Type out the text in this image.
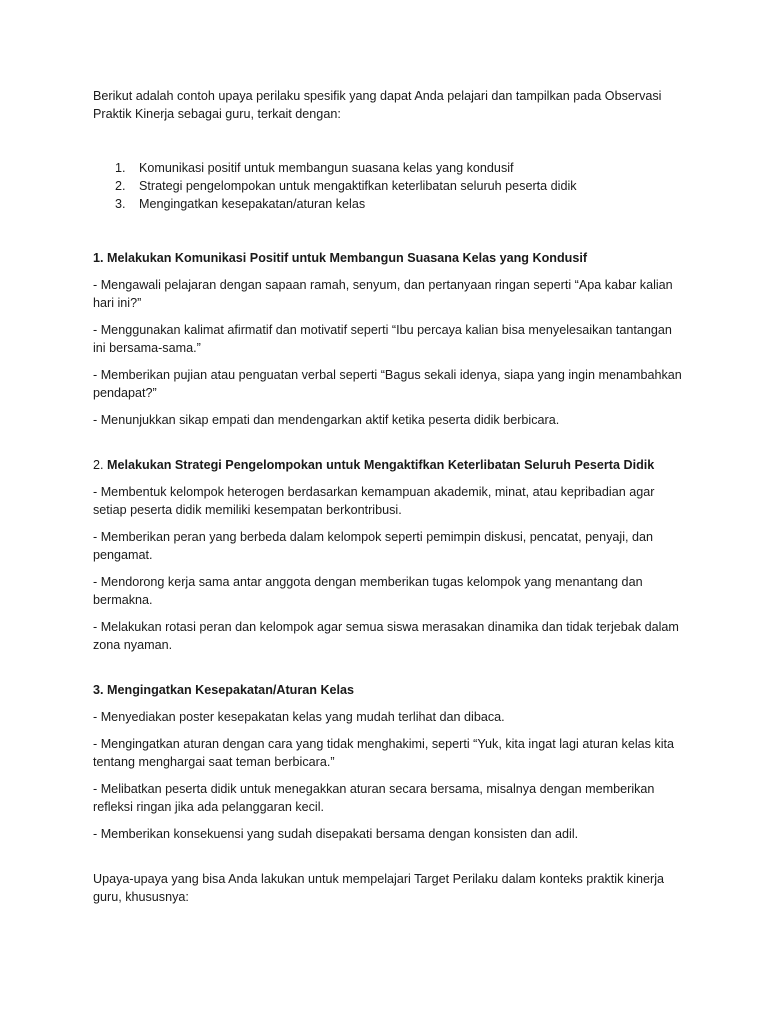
Berikut adalah contoh upaya perilaku spesifik yang dapat Anda pelajari dan tampilkan pada Observasi Praktik Kinerja sebagai guru, terkait dengan:

1. Komunikasi positif untuk membangun suasana kelas yang kondusif
2. Strategi pengelompokan untuk mengaktifkan keterlibatan seluruh peserta didik
3. Mengingatkan kesepakatan/aturan kelas

1. Melakukan Komunikasi Positif untuk Membangun Suasana Kelas yang Kondusif

- Mengawali pelajaran dengan sapaan ramah, senyum, dan pertanyaan ringan seperti “Apa kabar kalian hari ini?”

- Menggunakan kalimat afirmatif dan motivatif seperti “Ibu percaya kalian bisa menyelesaikan tantangan ini bersama-sama.”

- Memberikan pujian atau penguatan verbal seperti “Bagus sekali idenya, siapa yang ingin menambahkan pendapat?”

- Menunjukkan sikap empati dan mendengarkan aktif ketika peserta didik berbicara.

2. Melakukan Strategi Pengelompokan untuk Mengaktifkan Keterlibatan Seluruh Peserta Didik

- Membentuk kelompok heterogen berdasarkan kemampuan akademik, minat, atau kepribadian agar setiap peserta didik memiliki kesempatan berkontribusi.

- Memberikan peran yang berbeda dalam kelompok seperti pemimpin diskusi, pencatat, penyaji, dan pengamat.

- Mendorong kerja sama antar anggota dengan memberikan tugas kelompok yang menantang dan bermakna.

- Melakukan rotasi peran dan kelompok agar semua siswa merasakan dinamika dan tidak terjebak dalam zona nyaman.

3. Mengingatkan Kesepakatan/Aturan Kelas

- Menyediakan poster kesepakatan kelas yang mudah terlihat dan dibaca.

- Mengingatkan aturan dengan cara yang tidak menghakimi, seperti “Yuk, kita ingat lagi aturan kelas kita tentang menghargai saat teman berbicara.”

- Melibatkan peserta didik untuk menegakkan aturan secara bersama, misalnya dengan memberikan refleksi ringan jika ada pelanggaran kecil.

- Memberikan konsekuensi yang sudah disepakati bersama dengan konsisten dan adil.

Upaya-upaya yang bisa Anda lakukan untuk mempelajari Target Perilaku dalam konteks praktik kinerja guru, khususnya:
